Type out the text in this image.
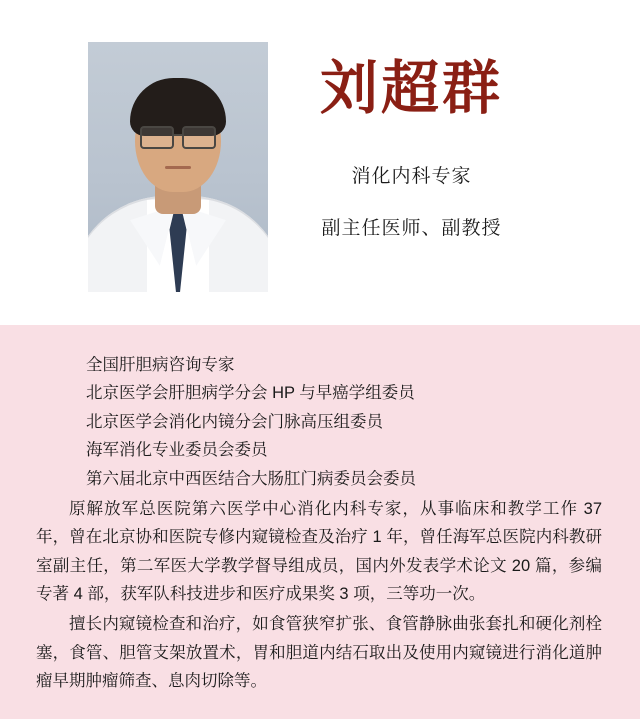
刘超群
消化内科专家
副主任医师、副教授
全国肝胆病咨询专家
北京医学会肝胆病学分会 HP 与早癌学组委员
北京医学会消化内镜分会门脉高压组委员
海军消化专业委员会委员
第六届北京中西医结合大肠肛门病委员会委员
原解放军总医院第六医学中心消化内科专家，从事临床和教学工作 37 年，曾在北京协和医院专修内窥镜检查及治疗 1 年，曾任海军总医院内科教研室副主任，第二军医大学教学督导组成员，国内外发表学术论文 20 篇，参编专著 4 部，获军队科技进步和医疗成果奖 3 项，三等功一次。
擅长内窥镜检查和治疗，如食管狭窄扩张、食管静脉曲张套扎和硬化剂栓塞，食管、胆管支架放置术，胃和胆道内结石取出及使用内窥镜进行消化道肿瘤早期肿瘤筛查、息肉切除等。
